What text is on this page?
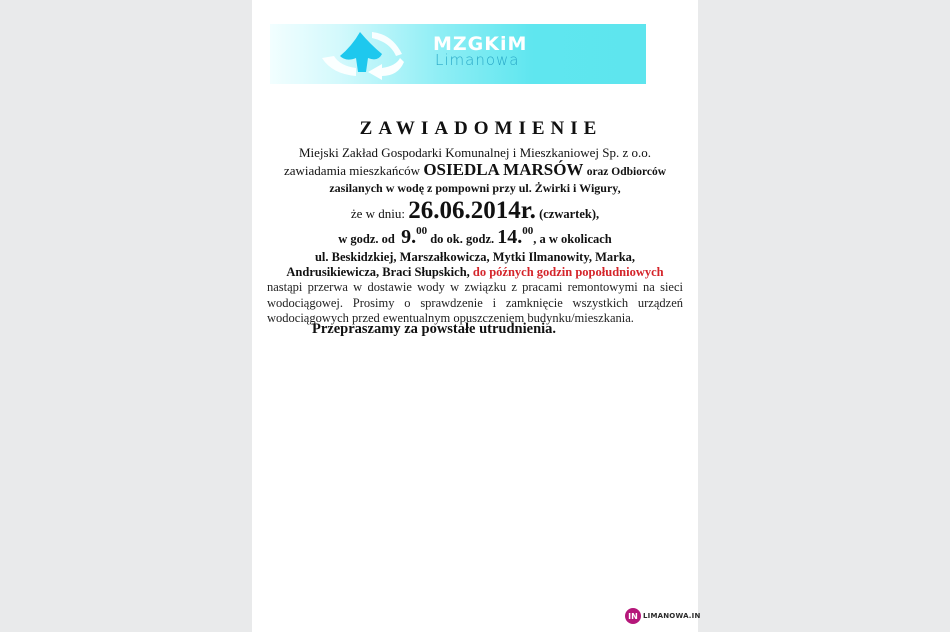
MZGKiM
Limanowa
ZAWIADOMIENIE
Miejski Zakład Gospodarki Komunalnej i Mieszkaniowej Sp. z o.o.
zawiadamia mieszkańców OSIEDLA MARSÓW oraz Odbiorców
zasilanych w wodę z pompowni przy ul. Żwirki i Wigury,
że w dniu: 26.06.2014r. (czwartek),
w godz. od 9.00 do ok. godz. 14.00, a w okolicach
ul. Beskidzkiej, Marszałkowicza, Mytki Ilmanowity, Marka,
Andrusikiewicza, Braci Słupskich, do późnych godzin popołudniowych
nastąpi przerwa w dostawie wody w związku z pracami remontowymi na sieci
wodociągowej. Prosimy o sprawdzenie i zamknięcie wszystkich urządzeń
wodociągowych przed ewentualnym opuszczeniem budynku/mieszkania.
Przepraszamy za powstałe utrudnienia.
IN LIMANOWA.IN
